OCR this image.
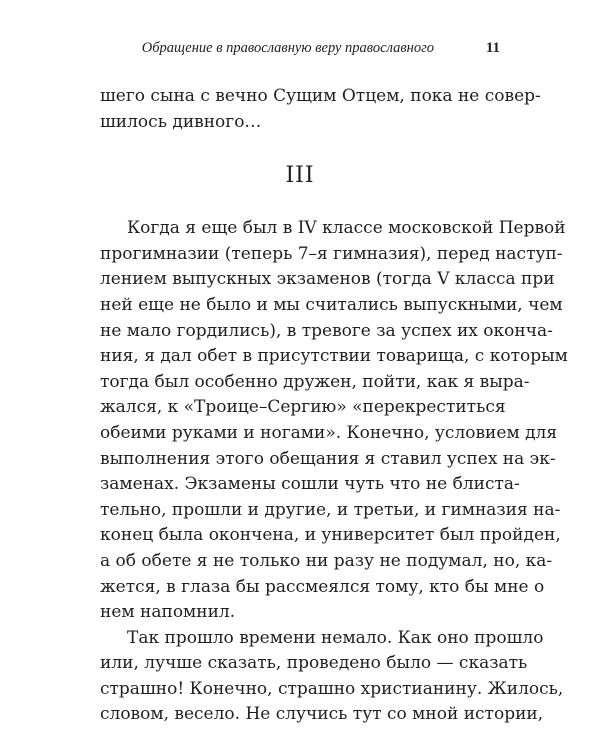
Обращение в православную веру православного	11
шего сына с вечно Сущим Отцем, пока не совер-
шилось дивного…
III
Когда я еще был в IV классе московской Первой
прогимназии (теперь 7–я гимназия), перед наступ-
лением выпускных экзаменов (тогда V класса при
ней еще не было и мы считались выпускными, чем
не мало гордились), в тревоге за успех их оконча-
ния, я дал обет в присутствии товарища, с которым
тогда был особенно дружен, пойти, как я выра-
жался, к «Троице–Сергию» «перекреститься
обеими руками и ногами». Конечно, условием для
выполнения этого обещания я ставил успех на эк-
заменах. Экзамены сошли чуть что не блиста-
тельно, прошли и другие, и третьи, и гимназия на-
конец была окончена, и университет был пройден,
а об обете я не только ни разу не подумал, но, ка-
жется, в глаза бы рассмеялся тому, кто бы мне о
нем напомнил.
Так прошло времени немало. Как оно прошло
или, лучше сказать, проведено было — сказать
страшно! Конечно, страшно христианину. Жилось,
словом, весело. Не случись тут со мной истории,
